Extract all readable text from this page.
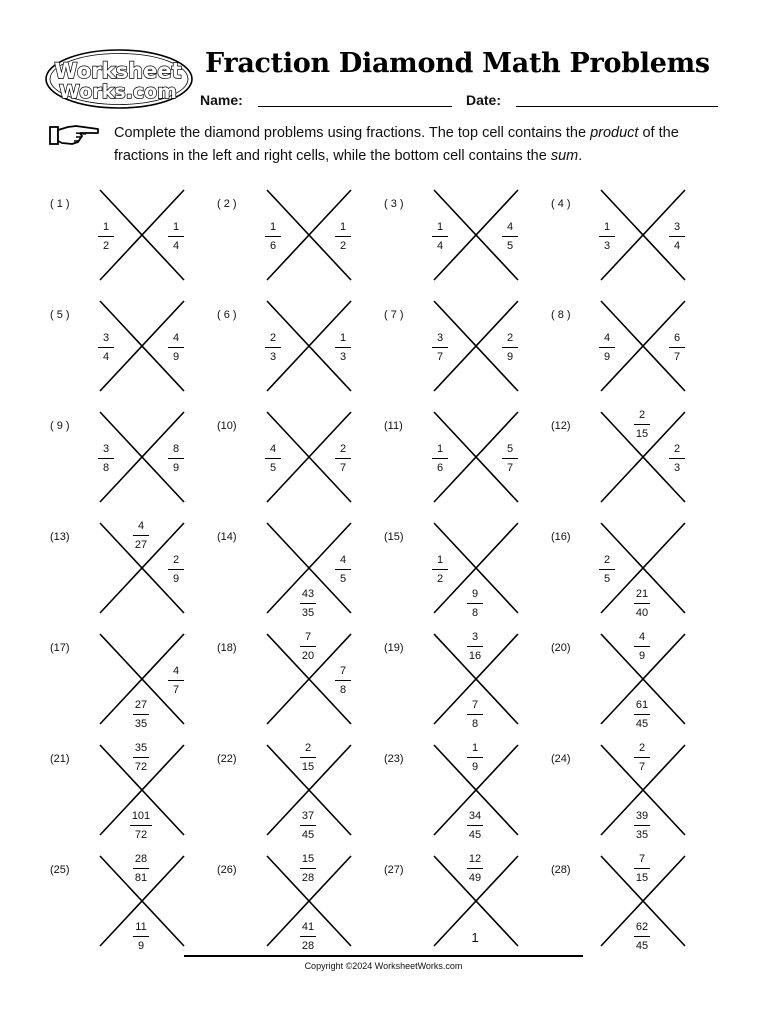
Worksheet
Works.com
Fraction Diamond Math Problems
Name:	Date:
Complete the diamond problems using fractions. The top cell contains the product of the fractions in the left and right cells, while the bottom cell contains the sum.
( 1 )
1
2
1
4
( 2 )
1
6
1
2
( 3 )
1
4
4
5
( 4 )
1
3
3
4
( 5 )
3
4
4
9
( 6 )
2
3
1
3
( 7 )
3
7
2
9
( 8 )
4
9
6
7
( 9 )
3
8
8
9
(10)
4
5
2
7
(11)
1
6
5
7
(12)
2
15
2
3
(13)
4
27
2
9
(14)
4
5
43
35
(15)
1
2
9
8
(16)
2
5
21
40
(17)
4
7
27
35
(18)
7
20
7
8
(19)
3
16
7
8
(20)
4
9
61
45
(21)
35
72
101
72
(22)
2
15
37
45
(23)
1
9
34
45
(24)
2
7
39
35
(25)
28
81
11
9
(26)
15
28
41
28
(27)
12
49
1
(28)
7
15
62
45
Copyright ©2024 WorksheetWorks.com
